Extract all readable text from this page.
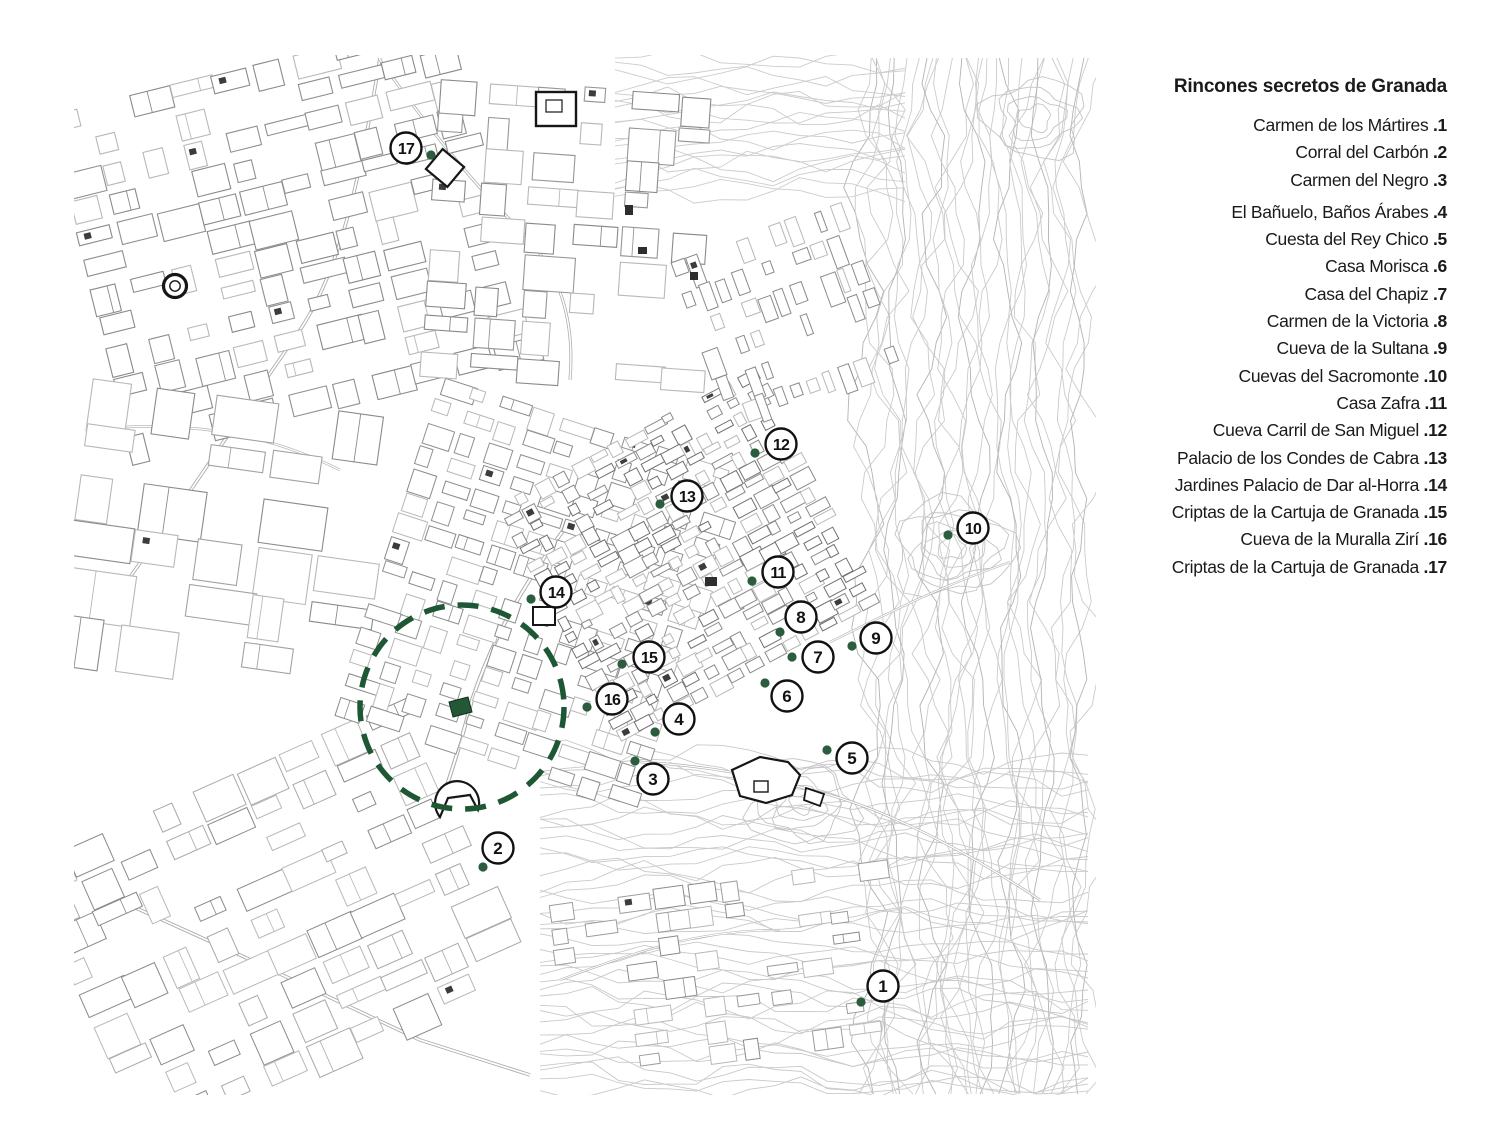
1
2
3
4
5
6
7
8
9
10
11
12
13
14
15
16
17
Rincones secretos de Granada
Carmen de los Mártires .1
Corral del Carbón .2
Carmen del Negro .3
El Bañuelo, Baños Árabes .4
Cuesta del Rey Chico .5
Casa Morisca .6
Casa del Chapiz .7
Carmen de la Victoria .8
Cueva de la Sultana .9
Cuevas del Sacromonte .10
Casa Zafra .11
Cueva Carril de San Miguel .12
Palacio de los Condes de Cabra .13
Jardines Palacio de Dar al-Horra .14
Criptas de la Cartuja de Granada .15
Cueva de la Muralla Zirí .16
Criptas de la Cartuja de Granada .17
